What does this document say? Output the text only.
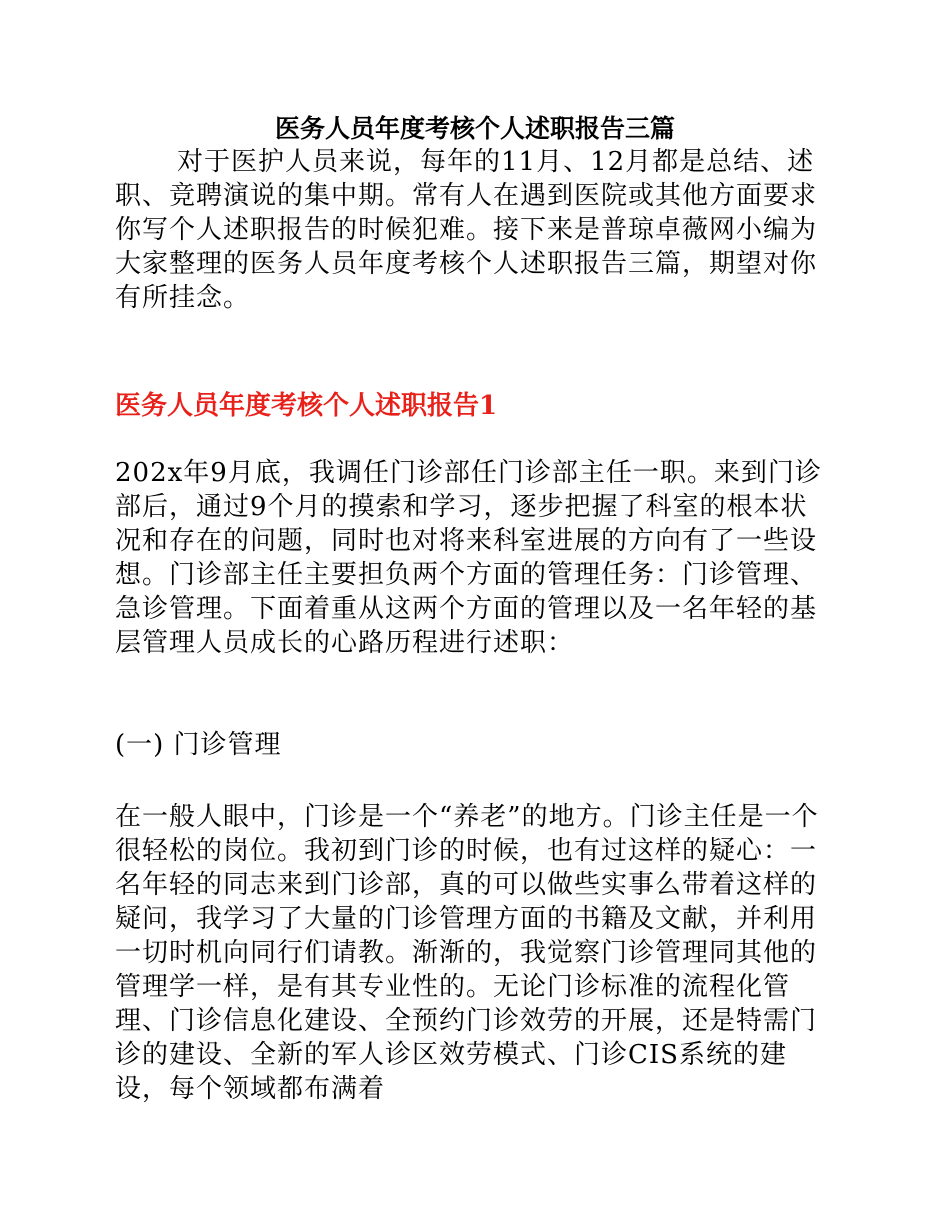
医务人员年度考核个人述职报告三篇

对于医护人员来说，每年的11月、12月都是总结、述职、竞聘演说的集中期。常有人在遇到医院或其他方面要求你写个人述职报告的时候犯难。接下来是普琼卓薇网小编为大家整理的医务人员年度考核个人述职报告三篇，期望对你有所挂念。

医务人员年度考核个人述职报告1

202x年9月底，我调任门诊部任门诊部主任一职。来到门诊部后，通过9个月的摸索和学习，逐步把握了科室的根本状况和存在的问题，同时也对将来科室进展的方向有了一些设想。门诊部主任主要担负两个方面的管理任务：门诊管理、急诊管理。下面着重从这两个方面的管理以及一名年轻的基层管理人员成长的心路历程进行述职：

(一) 门诊管理

在一般人眼中，门诊是一个“养老”的地方。门诊主任是一个很轻松的岗位。我初到门诊的时候，也有过这样的疑心：一名年轻的同志来到门诊部，真的可以做些实事么带着这样的疑问，我学习了大量的门诊管理方面的书籍及文献，并利用一切时机向同行们请教。渐渐的，我觉察门诊管理同其他的管理学一样，是有其专业性的。无论门诊标准的流程化管理、门诊信息化建设、全预约门诊效劳的开展，还是特需门诊的建设、全新的军人诊区效劳模式、门诊CIS系统的建设，每个领域都布满着
